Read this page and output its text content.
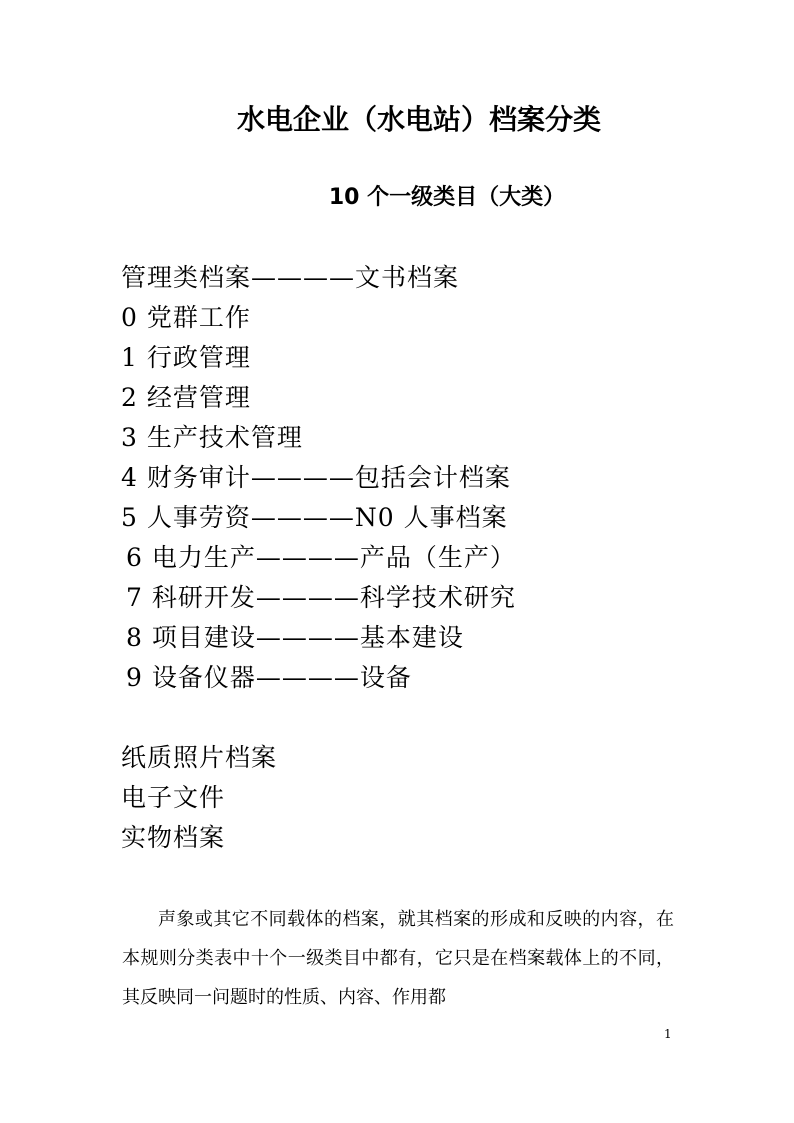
水电企业（水电站）档案分类
10 个一级类目（大类）
管理类档案————文书档案
0 党群工作
1 行政管理
2 经营管理
3 生产技术管理
4 财务审计————包括会计档案
5 人事劳资————N0 人事档案
6 电力生产————产品（生产）
7 科研开发————科学技术研究
8 项目建设————基本建设
9 设备仪器————设备
纸质照片档案
电子文件
实物档案
声象或其它不同载体的档案，就其档案的形成和反映的内容，在本规则分类表中十个一级类目中都有，它只是在档案载体上的不同，其反映同一问题时的性质、内容、作用都
1
